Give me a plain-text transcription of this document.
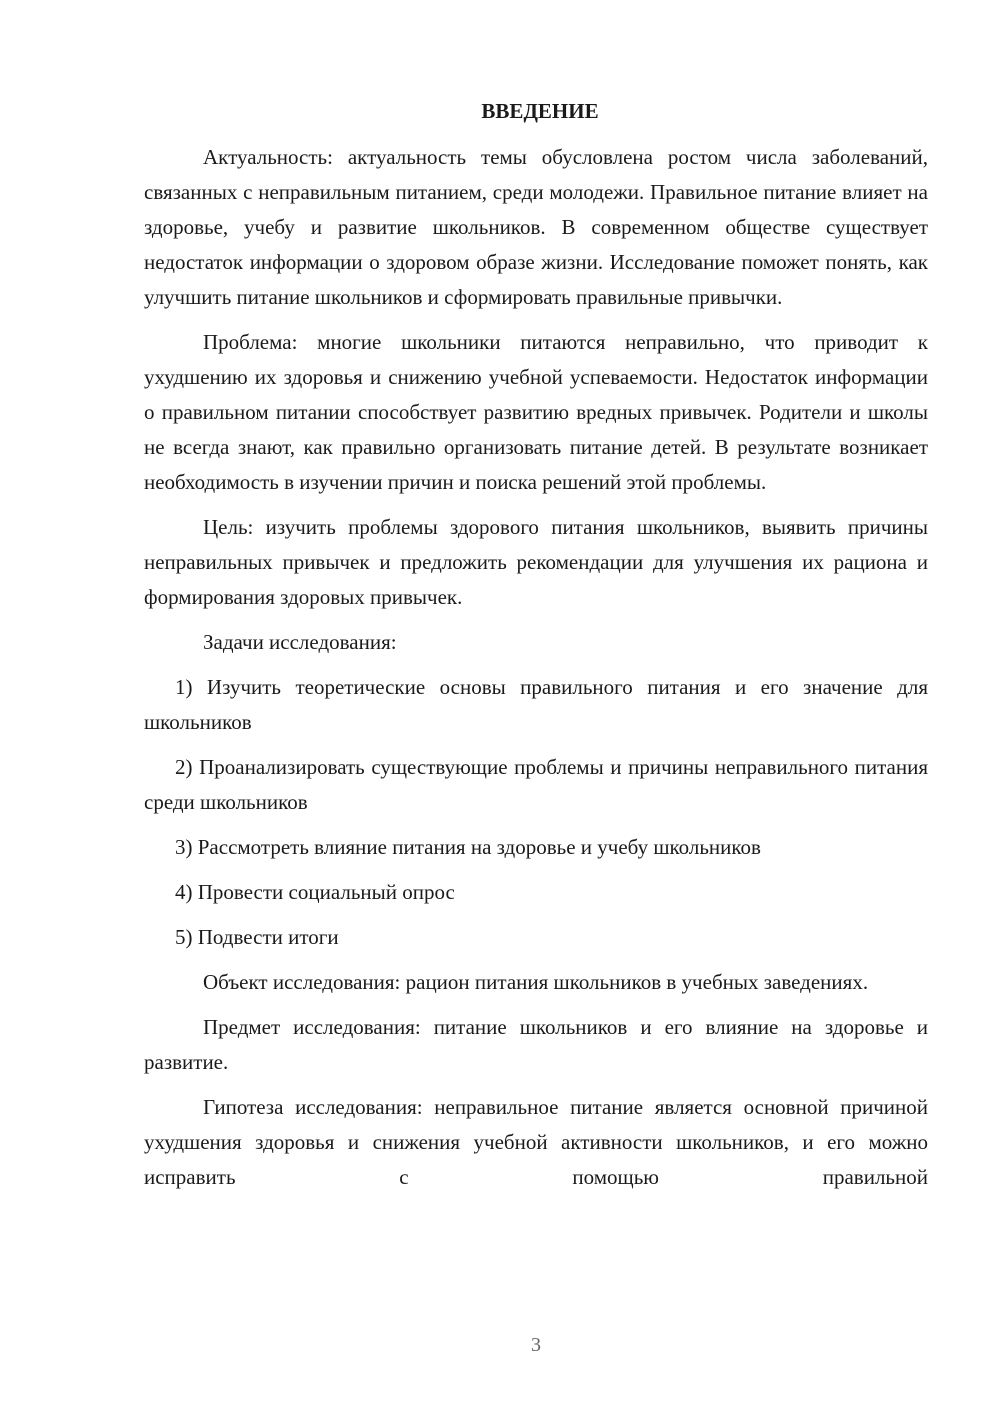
ВВЕДЕНИЕ

Актуальность: актуальность темы обусловлена ростом числа заболеваний, связанных с неправильным питанием, среди молодежи. Правильное питание влияет на здоровье, учебу и развитие школьников. В современном обществе существует недостаток информации о здоровом образе жизни. Исследование поможет понять, как улучшить питание школьников и сформировать правильные привычки.

Проблема: многие школьники питаются неправильно, что приводит к ухудшению их здоровья и снижению учебной успеваемости. Недостаток информации о правильном питании способствует развитию вредных привычек. Родители и школы не всегда знают, как правильно организовать питание детей. В результате возникает необходимость в изучении причин и поиска решений этой проблемы.

Цель: изучить проблемы здорового питания школьников, выявить причины неправильных привычек и предложить рекомендации для улучшения их рациона и формирования здоровых привычек.

Задачи исследования:

1) Изучить теоретические основы правильного питания и его значение для школьников

2) Проанализировать существующие проблемы и причины неправильного питания среди школьников

3) Рассмотреть влияние питания на здоровье и учебу школьников

4) Провести социальный опрос

5) Подвести итоги

Объект исследования: рацион питания школьников в учебных заведениях.

Предмет исследования: питание школьников и его влияние на здоровье и развитие.

Гипотеза исследования: неправильное питание является основной причиной ухудшения здоровья и снижения учебной активности школьников, и его можно исправить с помощью правильной

3
